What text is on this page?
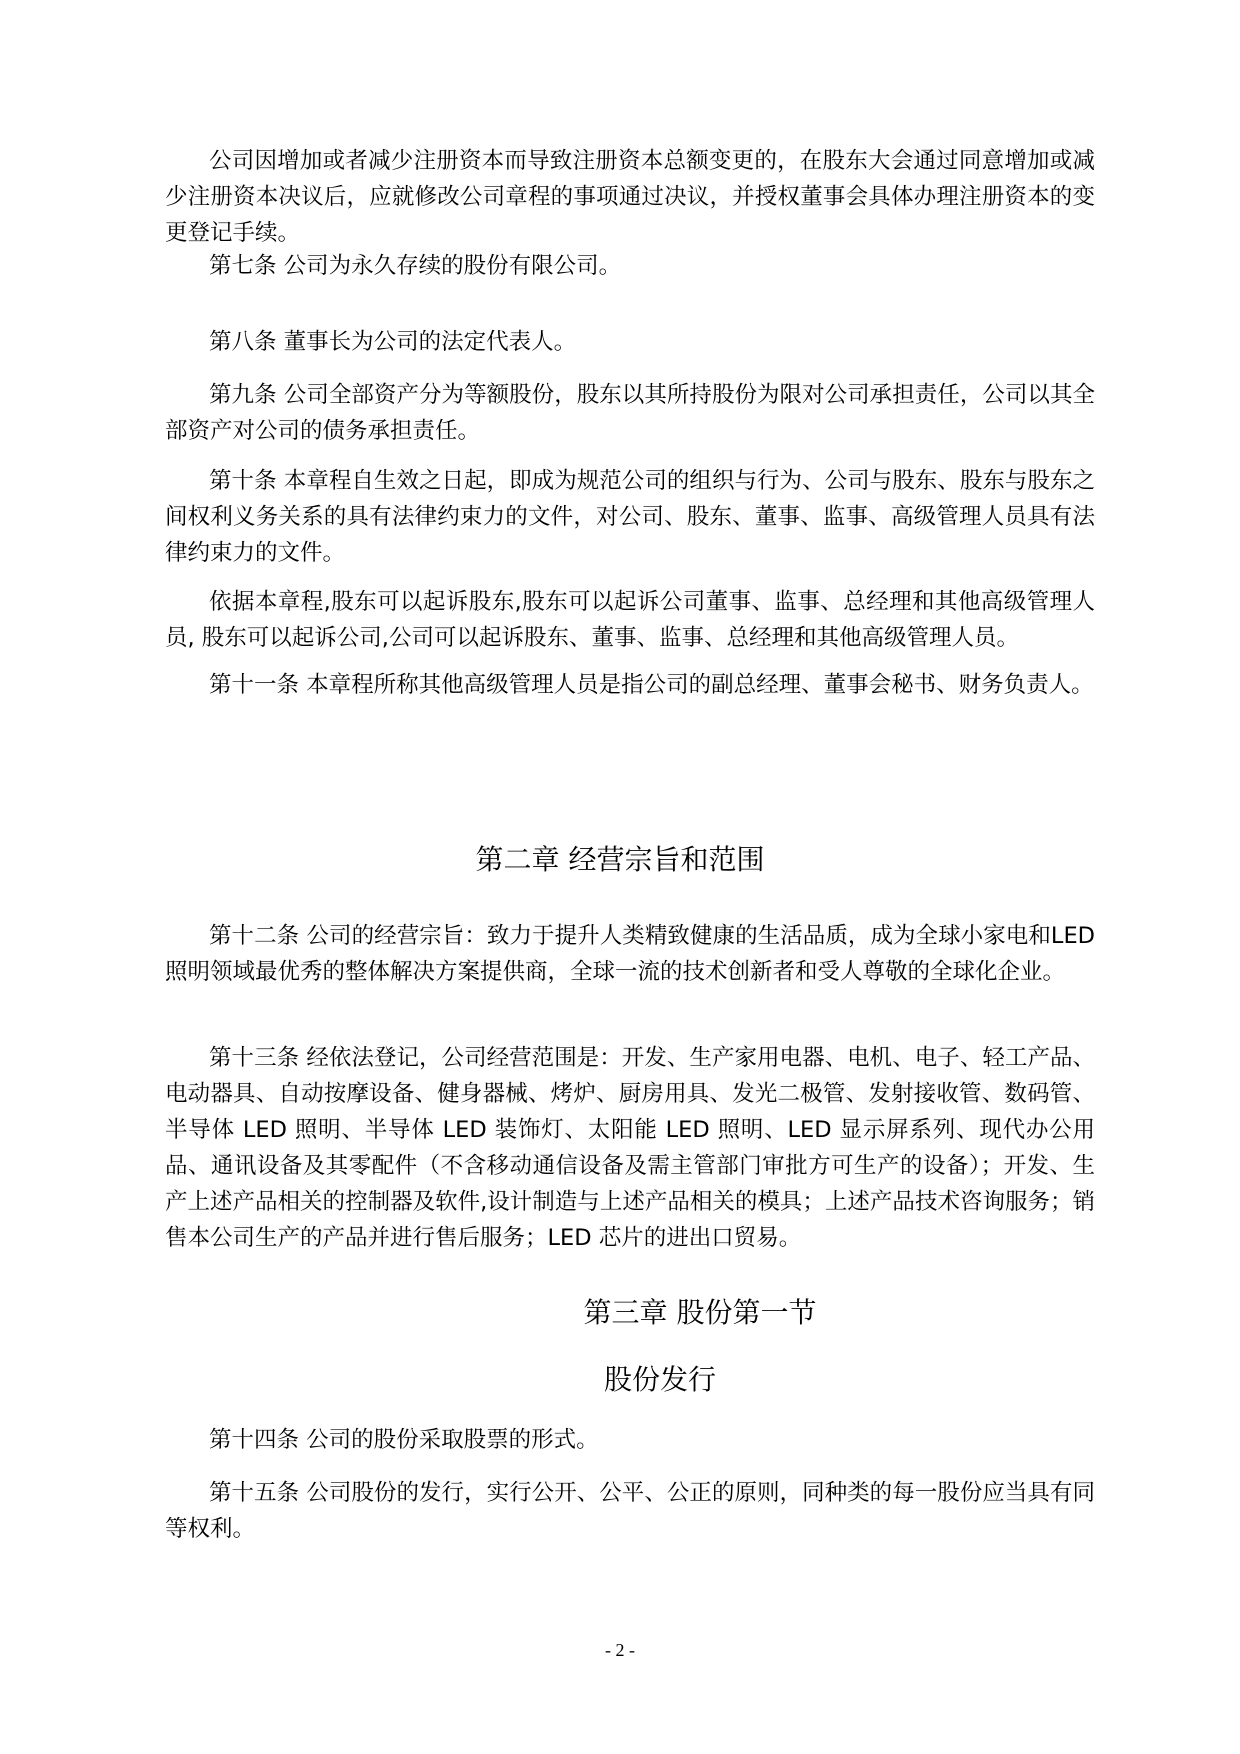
公司因增加或者减少注册资本而导致注册资本总额变更的，在股东大会通过同意增加或减少注册资本决议后，应就修改公司章程的事项通过决议，并授权董事会具体办理注册资本的变更登记手续。

第七条 公司为永久存续的股份有限公司。

第八条 董事长为公司的法定代表人。

第九条 公司全部资产分为等额股份，股东以其所持股份为限对公司承担责任，公司以其全部资产对公司的债务承担责任。

第十条 本章程自生效之日起，即成为规范公司的组织与行为、公司与股东、股东与股东之间权利义务关系的具有法律约束力的文件，对公司、股东、董事、监事、高级管理人员具有法律约束力的文件。

依据本章程,股东可以起诉股东,股东可以起诉公司董事、监事、总经理和其他高级管理人员, 股东可以起诉公司,公司可以起诉股东、董事、监事、总经理和其他高级管理人员。

第十一条 本章程所称其他高级管理人员是指公司的副总经理、董事会秘书、财务负责人。

第二章 经营宗旨和范围

第十二条 公司的经营宗旨：致力于提升人类精致健康的生活品质，成为全球小家电和LED 照明领域最优秀的整体解决方案提供商，全球一流的技术创新者和受人尊敬的全球化企业。

第十三条 经依法登记，公司经营范围是：开发、生产家用电器、电机、电子、轻工产品、电动器具、自动按摩设备、健身器械、烤炉、厨房用具、发光二极管、发射接收管、数码管、半导体 LED 照明、半导体 LED 装饰灯、太阳能 LED 照明、LED 显示屏系列、现代办公用品、通讯设备及其零配件（不含移动通信设备及需主管部门审批方可生产的设备）；开发、生产上述产品相关的控制器及软件,设计制造与上述产品相关的模具；上述产品技术咨询服务；销售本公司生产的产品并进行售后服务；LED 芯片的进出口贸易。

第三章 股份第一节
股份发行

第十四条 公司的股份采取股票的形式。

第十五条 公司股份的发行，实行公开、公平、公正的原则，同种类的每一股份应当具有同等权利。

- 2 -
